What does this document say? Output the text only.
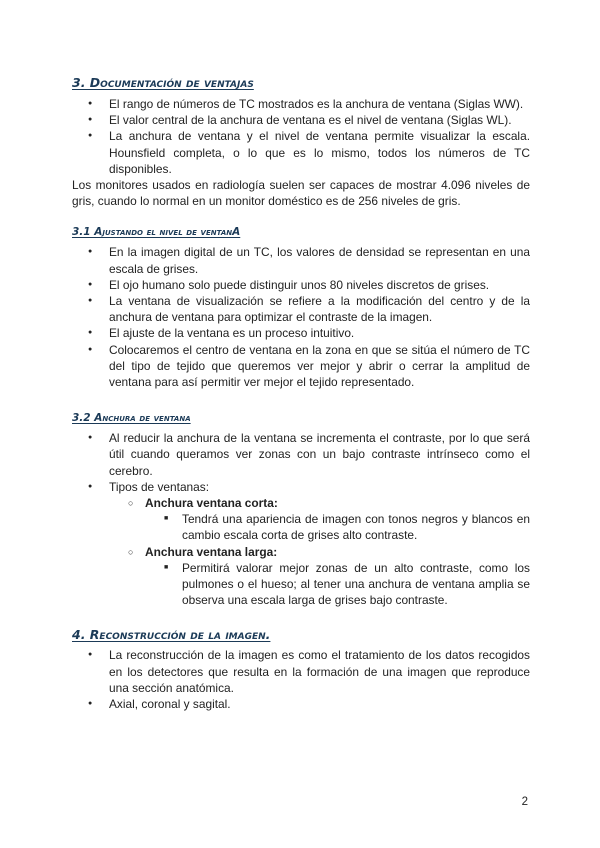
3. Documentación de ventajas
● El rango de números de TC mostrados es la anchura de ventana (Siglas WW).
● El valor central de la anchura de ventana es el nivel de ventana (Siglas WL).
● La anchura de ventana y el nivel de ventana permite visualizar la escala. Hounsfield completa, o lo que es lo mismo, todos los números de TC disponibles.

Los monitores usados en radiología suelen ser capaces de mostrar 4.096 niveles de gris, cuando lo normal en un monitor doméstico es de 256 niveles de gris.

3.1 Ajustando el nivel de ventanA
● En la imagen digital de un TC, los valores de densidad se representan en una escala de grises.
● El ojo humano solo puede distinguir unos 80 niveles discretos de grises.
● La ventana de visualización se refiere a la modificación del centro y de la anchura de ventana para optimizar el contraste de la imagen.
● El ajuste de la ventana es un proceso intuitivo.
● Colocaremos el centro de ventana en la zona en que se sitúa el número de TC del tipo de tejido que queremos ver mejor y abrir o cerrar la amplitud de ventana para así permitir ver mejor el tejido representado.
3.2 Anchura de ventana
● Al reducir la anchura de la ventana se incrementa el contraste, por lo que será útil cuando queramos ver zonas con un bajo contraste intrínseco como el cerebro.
● Tipos de ventanas:
○ Anchura ventana corta:
■ Tendrá una apariencia de imagen con tonos negros y blancos en cambio escala corta de grises alto contraste.
○ Anchura ventana larga:
■ Permitirá valorar mejor zonas de un alto contraste, como los pulmones o el hueso; al tener una anchura de ventana amplia se observa una escala larga de grises bajo contraste.
4. Reconstrucción de la imagen.
● La reconstrucción de la imagen es como el tratamiento de los datos recogidos en los detectores que resulta en la formación de una imagen que reproduce una sección anatómica.
● Axial, coronal y sagital.
2
